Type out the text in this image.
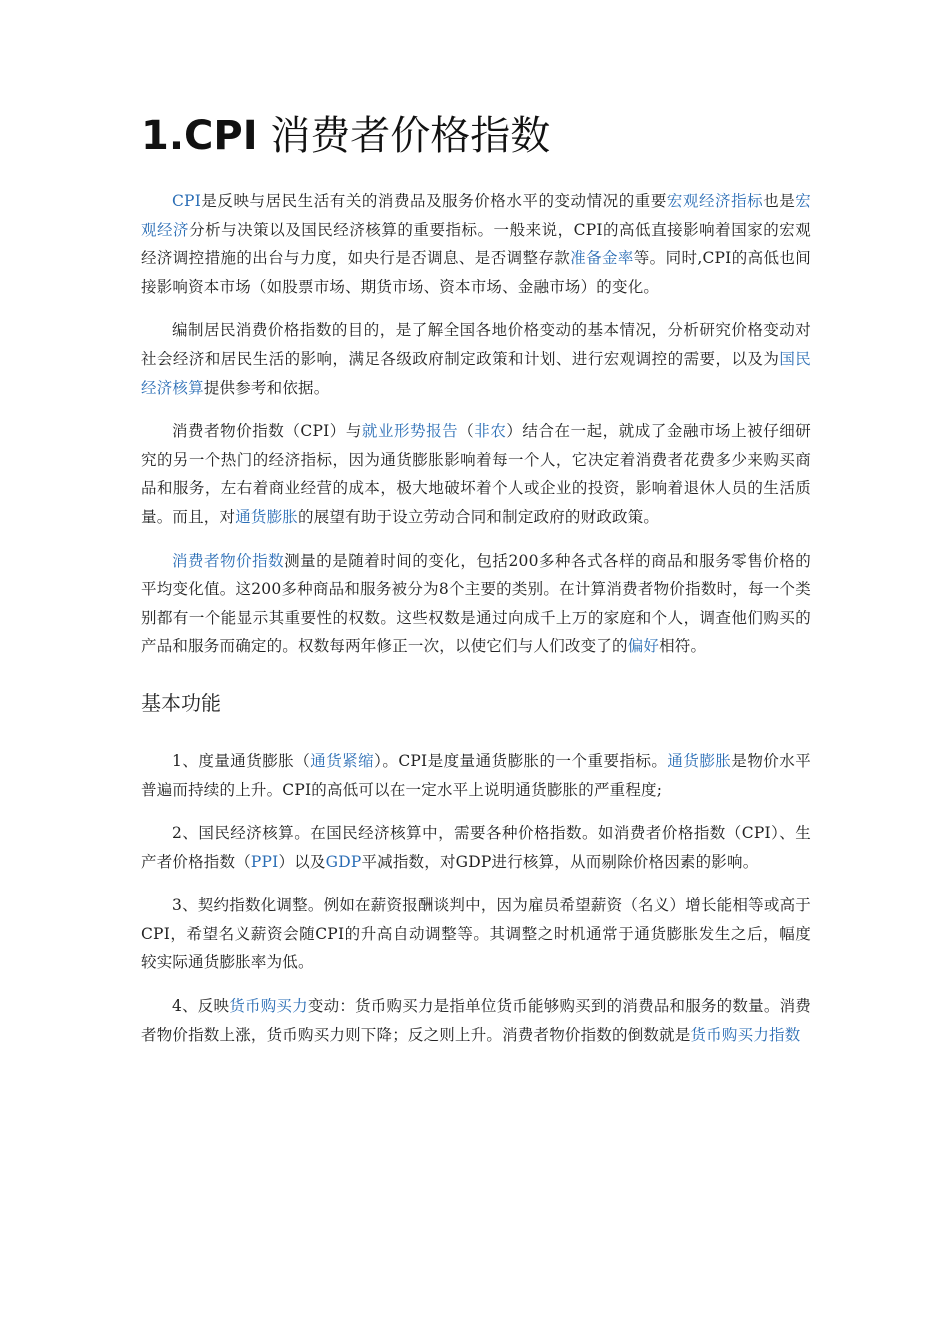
1.CPI 消费者价格指数

CPI是反映与居民生活有关的消费品及服务价格水平的变动情况的重要宏观经济指标也是宏观经济分析与决策以及国民经济核算的重要指标。一般来说，CPI的高低直接影响着国家的宏观经济调控措施的出台与力度，如央行是否调息、是否调整存款准备金率等。同时,CPI的高低也间接影响资本市场（如股票市场、期货市场、资本市场、金融市场）的变化。

编制居民消费价格指数的目的，是了解全国各地价格变动的基本情况，分析研究价格变动对社会经济和居民生活的影响，满足各级政府制定政策和计划、进行宏观调控的需要，以及为国民经济核算提供参考和依据。

消费者物价指数（CPI）与就业形势报告（非农）结合在一起，就成了金融市场上被仔细研究的另一个热门的经济指标，因为通货膨胀影响着每一个人，它决定着消费者花费多少来购买商品和服务，左右着商业经营的成本，极大地破坏着个人或企业的投资，影响着退休人员的生活质量。而且，对通货膨胀的展望有助于设立劳动合同和制定政府的财政政策。

消费者物价指数测量的是随着时间的变化，包括200多种各式各样的商品和服务零售价格的平均变化值。这200多种商品和服务被分为8个主要的类别。在计算消费者物价指数时，每一个类别都有一个能显示其重要性的权数。这些权数是通过向成千上万的家庭和个人，调查他们购买的产品和服务而确定的。权数每两年修正一次，以使它们与人们改变了的偏好相符。

基本功能

1、度量通货膨胀（通货紧缩）。CPI是度量通货膨胀的一个重要指标。通货膨胀是物价水平普遍而持续的上升。CPI的高低可以在一定水平上说明通货膨胀的严重程度;

2、国民经济核算。在国民经济核算中，需要各种价格指数。如消费者价格指数（CPI）、生产者价格指数（PPI）以及GDP平减指数，对GDP进行核算，从而剔除价格因素的影响。

3、契约指数化调整。例如在薪资报酬谈判中，因为雇员希望薪资（名义）增长能相等或高于CPI，希望名义薪资会随CPI的升高自动调整等。其调整之时机通常于通货膨胀发生之后，幅度较实际通货膨胀率为低。

4、反映货币购买力变动：货币购买力是指单位货币能够购买到的消费品和服务的数量。消费者物价指数上涨，货币购买力则下降；反之则上升。消费者物价指数的倒数就是货币购买力指数
